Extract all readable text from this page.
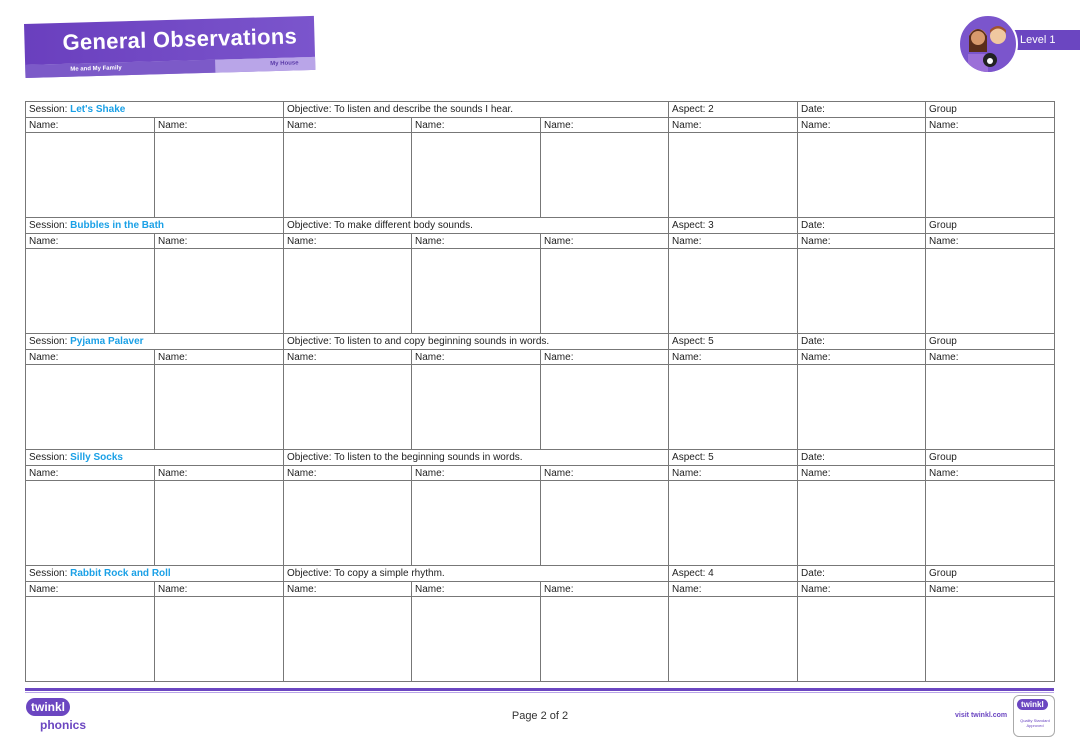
General Observations
Me and My Family
My House
Level 1
Session: Let's Shake		Objective: To listen and describe the sounds I hear.			Aspect: 2	Date:	Group
Name:	Name:	Name:	Name:	Name:	Name:	Name:	Name:

Session: Bubbles in the Bath		Objective: To make different body sounds.			Aspect: 3	Date:	Group
Name:	Name:	Name:	Name:	Name:	Name:	Name:	Name:

Session: Pyjama Palaver		Objective: To listen to and copy beginning sounds in words.			Aspect: 5	Date:	Group
Name:	Name:	Name:	Name:	Name:	Name:	Name:	Name:

Session: Silly Socks		Objective: To listen to the beginning sounds in words.			Aspect: 5	Date:	Group
Name:	Name:	Name:	Name:	Name:	Name:	Name:	Name:

Session: Rabbit Rock and Roll		Objective: To copy a simple rhythm.			Aspect: 4	Date:	Group
Name:	Name:	Name:	Name:	Name:	Name:	Name:	Name:

twinkl
phonics
Page 2 of 2	visit twinkl.com
twinkl
Quality Standard Approved
